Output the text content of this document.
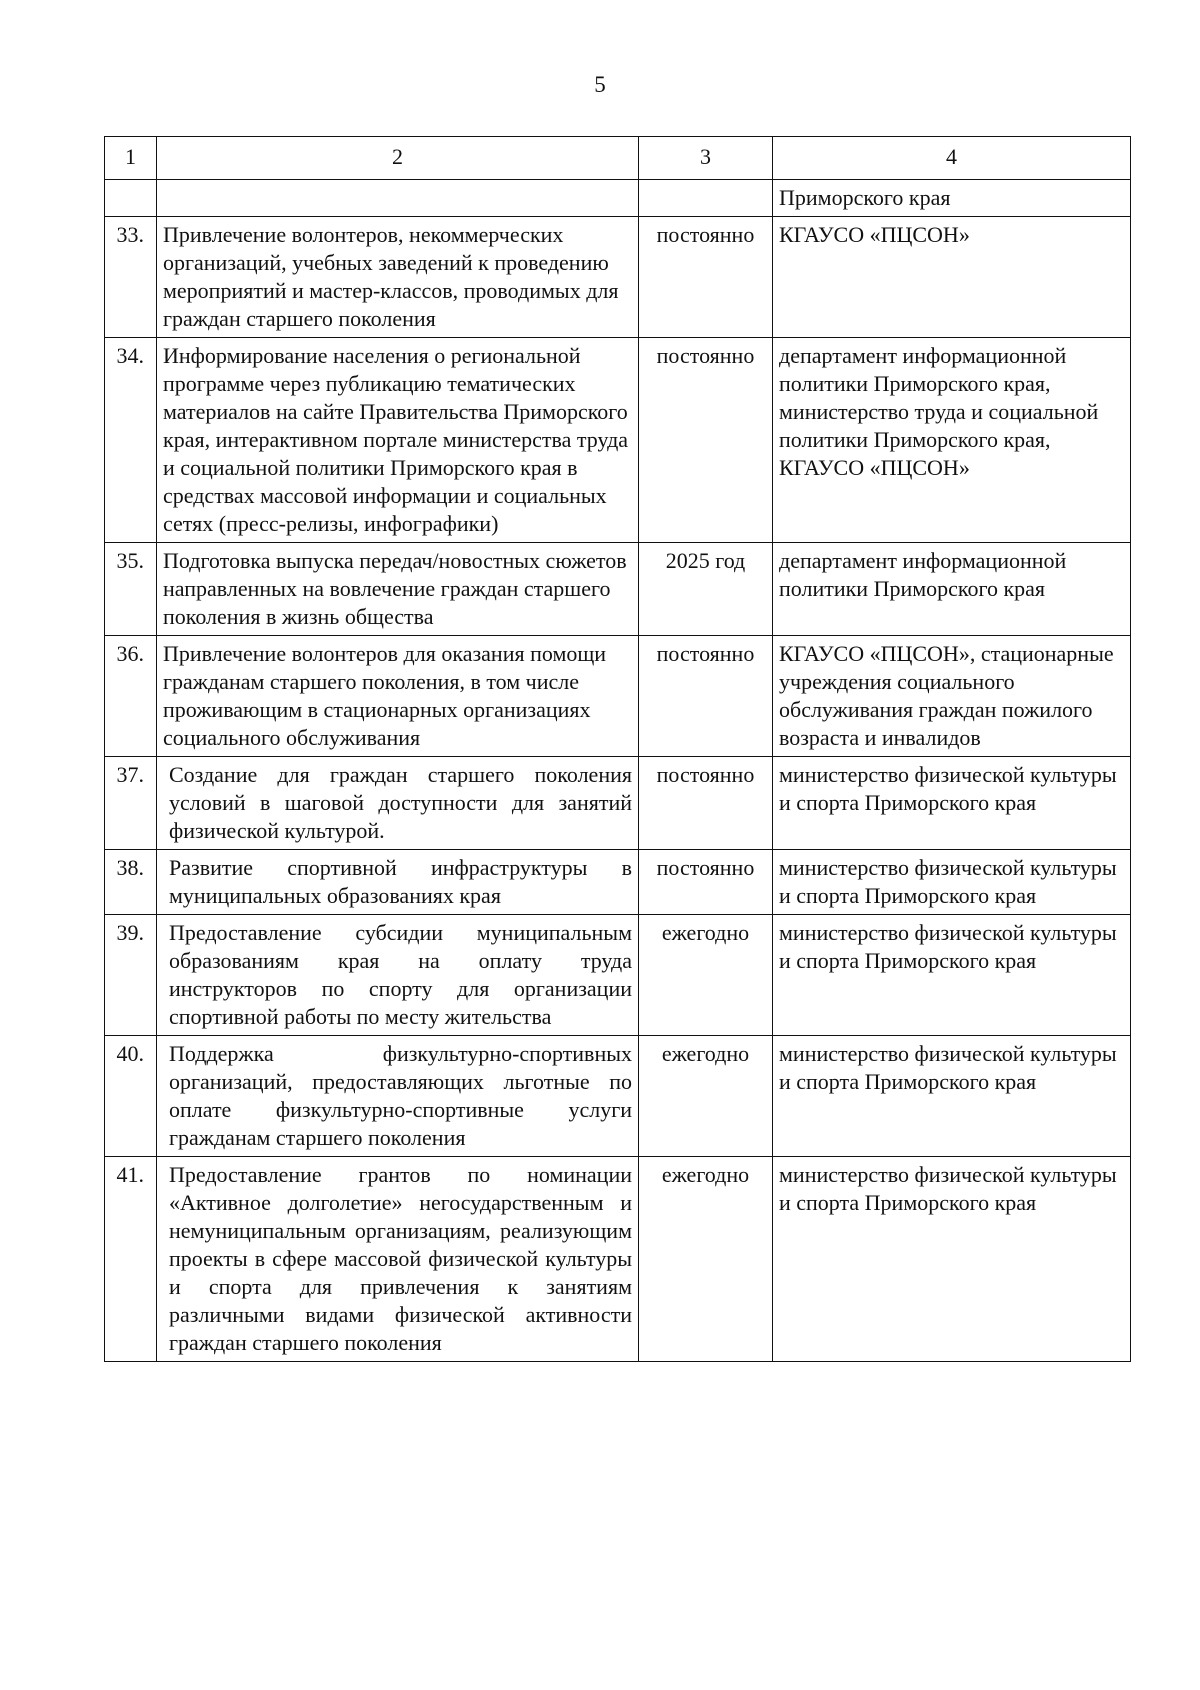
5
1	2	3	4
			Приморского края
33.	Привлечение волонтеров, некоммерческих организаций, учебных заведений к проведению мероприятий и мастер-классов, проводимых для граждан старшего поколения	постоянно	КГАУСО «ПЦСОН»
34.	Информирование населения о региональной программе через публикацию тематических материалов на сайте Правительства Приморского края, интерактивном портале министерства труда и социальной политики Приморского края в средствах массовой информации и социальных сетях (пресс-релизы, инфографики)	постоянно	департамент информационной политики Приморского края, министерство труда и социальной политики Приморского края, КГАУСО «ПЦСОН»
35.	Подготовка выпуска передач/новостных сюжетов направленных на вовлечение граждан старшего поколения в жизнь общества	2025 год	департамент информационной политики Приморского края
36.	Привлечение волонтеров для оказания помощи гражданам старшего поколения, в том числе проживающим в стационарных организациях социального обслуживания	постоянно	КГАУСО «ПЦСОН», стационарные учреждения социального обслуживания граждан пожилого возраста и инвалидов
37.	Создание для граждан старшего поколения условий в шаговой доступности для занятий физической культурой.	постоянно	министерство физической культуры и спорта Приморского края
38.	Развитие спортивной инфраструктуры в муниципальных образованиях края	постоянно	министерство физической культуры и спорта Приморского края
39.	Предоставление субсидии муниципальным образованиям края на оплату труда инструкторов по спорту для организации спортивной работы по месту жительства	ежегодно	министерство физической культуры и спорта Приморского края
40.	Поддержка физкультурно-спортивных организаций, предоставляющих льготные по оплате физкультурно-спортивные услуги гражданам старшего поколения	ежегодно	министерство физической культуры и спорта Приморского края
41.	Предоставление грантов по номинации «Активное долголетие» негосударственным и немуниципальным организациям, реализующим проекты в сфере массовой физической культуры и спорта для привлечения к занятиям различными видами физической активности граждан старшего поколения	ежегодно	министерство физической культуры и спорта Приморского края
